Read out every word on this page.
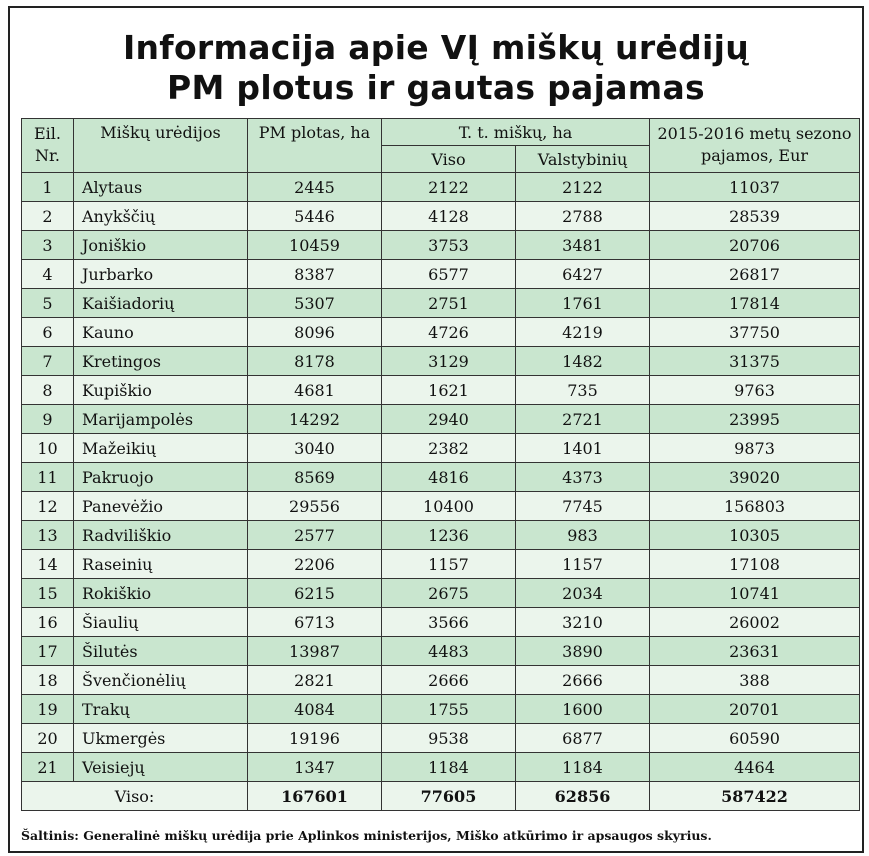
Informacija apie VĮ miškų urėdijų
PM plotus ir gautas pajamas
Eil. Nr.	Miškų urėdijos	PM plotas, ha	T. t. miškų, ha		2015-2016 metų sezono pajamos, Eur
			Viso	Valstybinių	
1	Alytaus	2445	2122	2122	11037
2	Anykščių	5446	4128	2788	28539
3	Joniškio	10459	3753	3481	20706
4	Jurbarko	8387	6577	6427	26817
5	Kaišiadorių	5307	2751	1761	17814
6	Kauno	8096	4726	4219	37750
7	Kretingos	8178	3129	1482	31375
8	Kupiškio	4681	1621	735	9763
9	Marijampolės	14292	2940	2721	23995
10	Mažeikių	3040	2382	1401	9873
11	Pakruojo	8569	4816	4373	39020
12	Panevėžio	29556	10400	7745	156803
13	Radviliškio	2577	1236	983	10305
14	Raseinių	2206	1157	1157	17108
15	Rokiškio	6215	2675	2034	10741
16	Šiaulių	6713	3566	3210	26002
17	Šilutės	13987	4483	3890	23631
18	Švenčionėlių	2821	2666	2666	388
19	Trakų	4084	1755	1600	20701
20	Ukmergės	19196	9538	6877	60590
21	Veisiejų	1347	1184	1184	4464
Viso:		167601	77605	62856	587422
Šaltinis: Generalinė miškų urėdija prie Aplinkos ministerijos, Miško atkūrimo ir apsaugos skyrius.
